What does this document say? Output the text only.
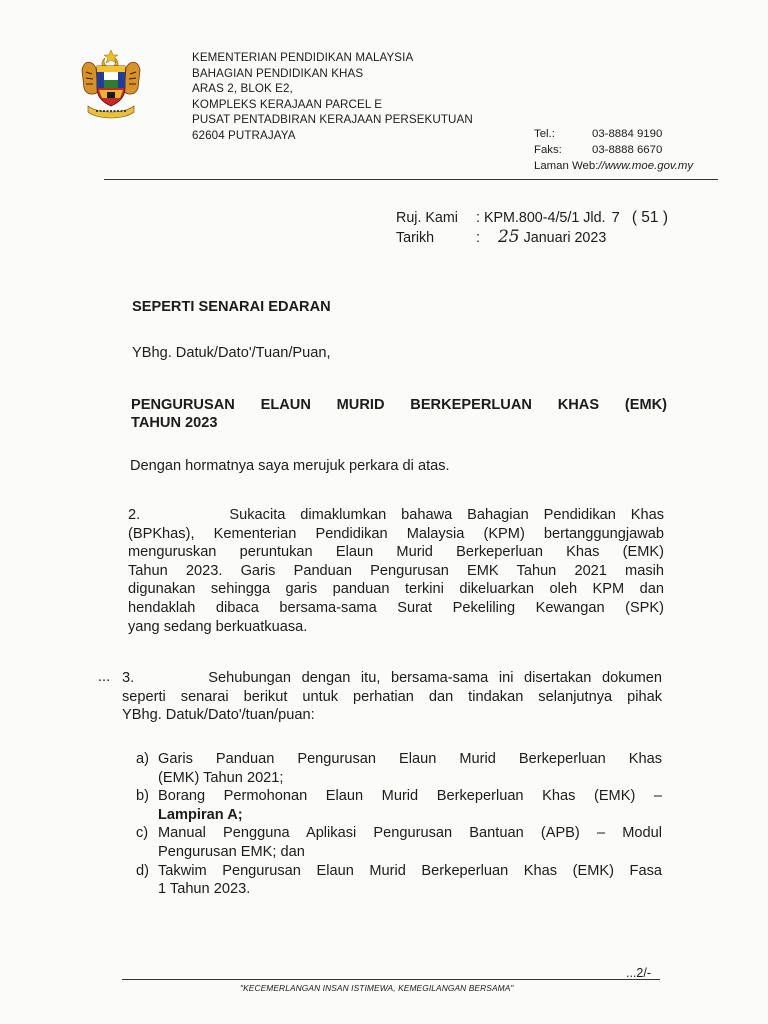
KEMENTERIAN PENDIDIKAN MALAYSIA
BAHAGIAN PENDIDIKAN KHAS
ARAS 2, BLOK E2,
KOMPLEKS KERAJAAN PARCEL E
PUSAT PENTADBIRAN KERAJAAN PERSEKUTUAN
62604 PUTRAJAYA	Tel.:	03-8884 9190
Faks:	03-8888 6670
Laman Web://www.moe.gov.my
Ruj. Kami : KPM.800-4/5/1 Jld. 7 ( 51 )
Tarikh	: 25 Januari 2023
SEPERTI SENARAI EDARAN
YBhg. Datuk/Dato'/Tuan/Puan,
PENGURUSAN ELAUN MURID BERKEPERLUAN KHAS (EMK)
TAHUN 2023
Dengan hormatnya saya merujuk perkara di atas.
2.      Sukacita dimaklumkan bahawa Bahagian Pendidikan Khas
(BPKhas), Kementerian Pendidikan Malaysia (KPM) bertanggungjawab
menguruskan peruntukan Elaun Murid Berkeperluan Khas (EMK)
Tahun 2023. Garis Panduan Pengurusan EMK Tahun 2021 masih
digunakan sehingga garis panduan terkini dikeluarkan oleh KPM dan
hendaklah dibaca bersama-sama Surat Pekeliling Kewangan (SPK)
yang sedang berkuatkuasa.
... 3.       Sehubungan dengan itu, bersama-sama ini disertakan dokumen
seperti senarai berikut untuk perhatian dan tindakan selanjutnya pihak
YBhg. Datuk/Dato'/tuan/puan:
a) Garis Panduan Pengurusan Elaun Murid Berkeperluan Khas
(EMK) Tahun 2021;
b) Borang Permohonan Elaun Murid Berkeperluan Khas (EMK) –
Lampiran A;
c) Manual Pengguna Aplikasi Pengurusan Bantuan (APB) – Modul
Pengurusan EMK; dan
d) Takwim Pengurusan Elaun Murid Berkeperluan Khas (EMK) Fasa
1 Tahun 2023.
...2/-
"KECEMERLANGAN INSAN ISTIMEWA, KEMEGILANGAN BERSAMA"
